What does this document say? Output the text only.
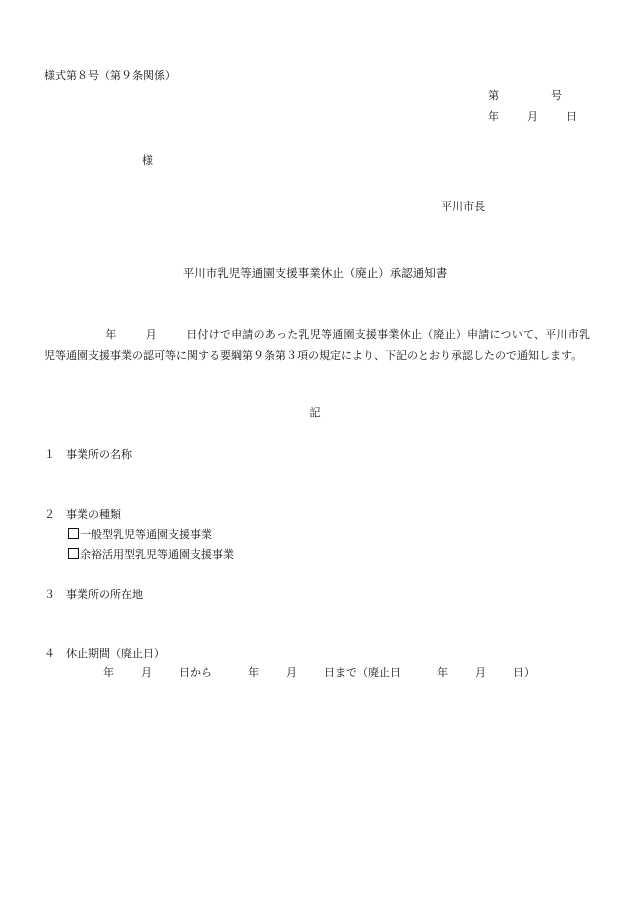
様式第８号（第９条関係）
第	号
年	月	日
様
平川市長
平川市乳児等通園支援事業休止（廃止）承認通知書
年	月	日付けで申請のあった乳児等通園支援事業休止（廃止）申請について、平川市乳児等通園支援事業の認可等に関する要綱第９条第３項の規定により、下記のとおり承認したので通知します。
記
１ 事業所の名称
２ 事業の種類
一般型乳児等通園支援事業
余裕活用型乳児等通園支援事業
３ 事業所の所在地
４ 休止期間（廃止日）
年 月 日から	年 月 日まで（廃止日	年 月 日）
